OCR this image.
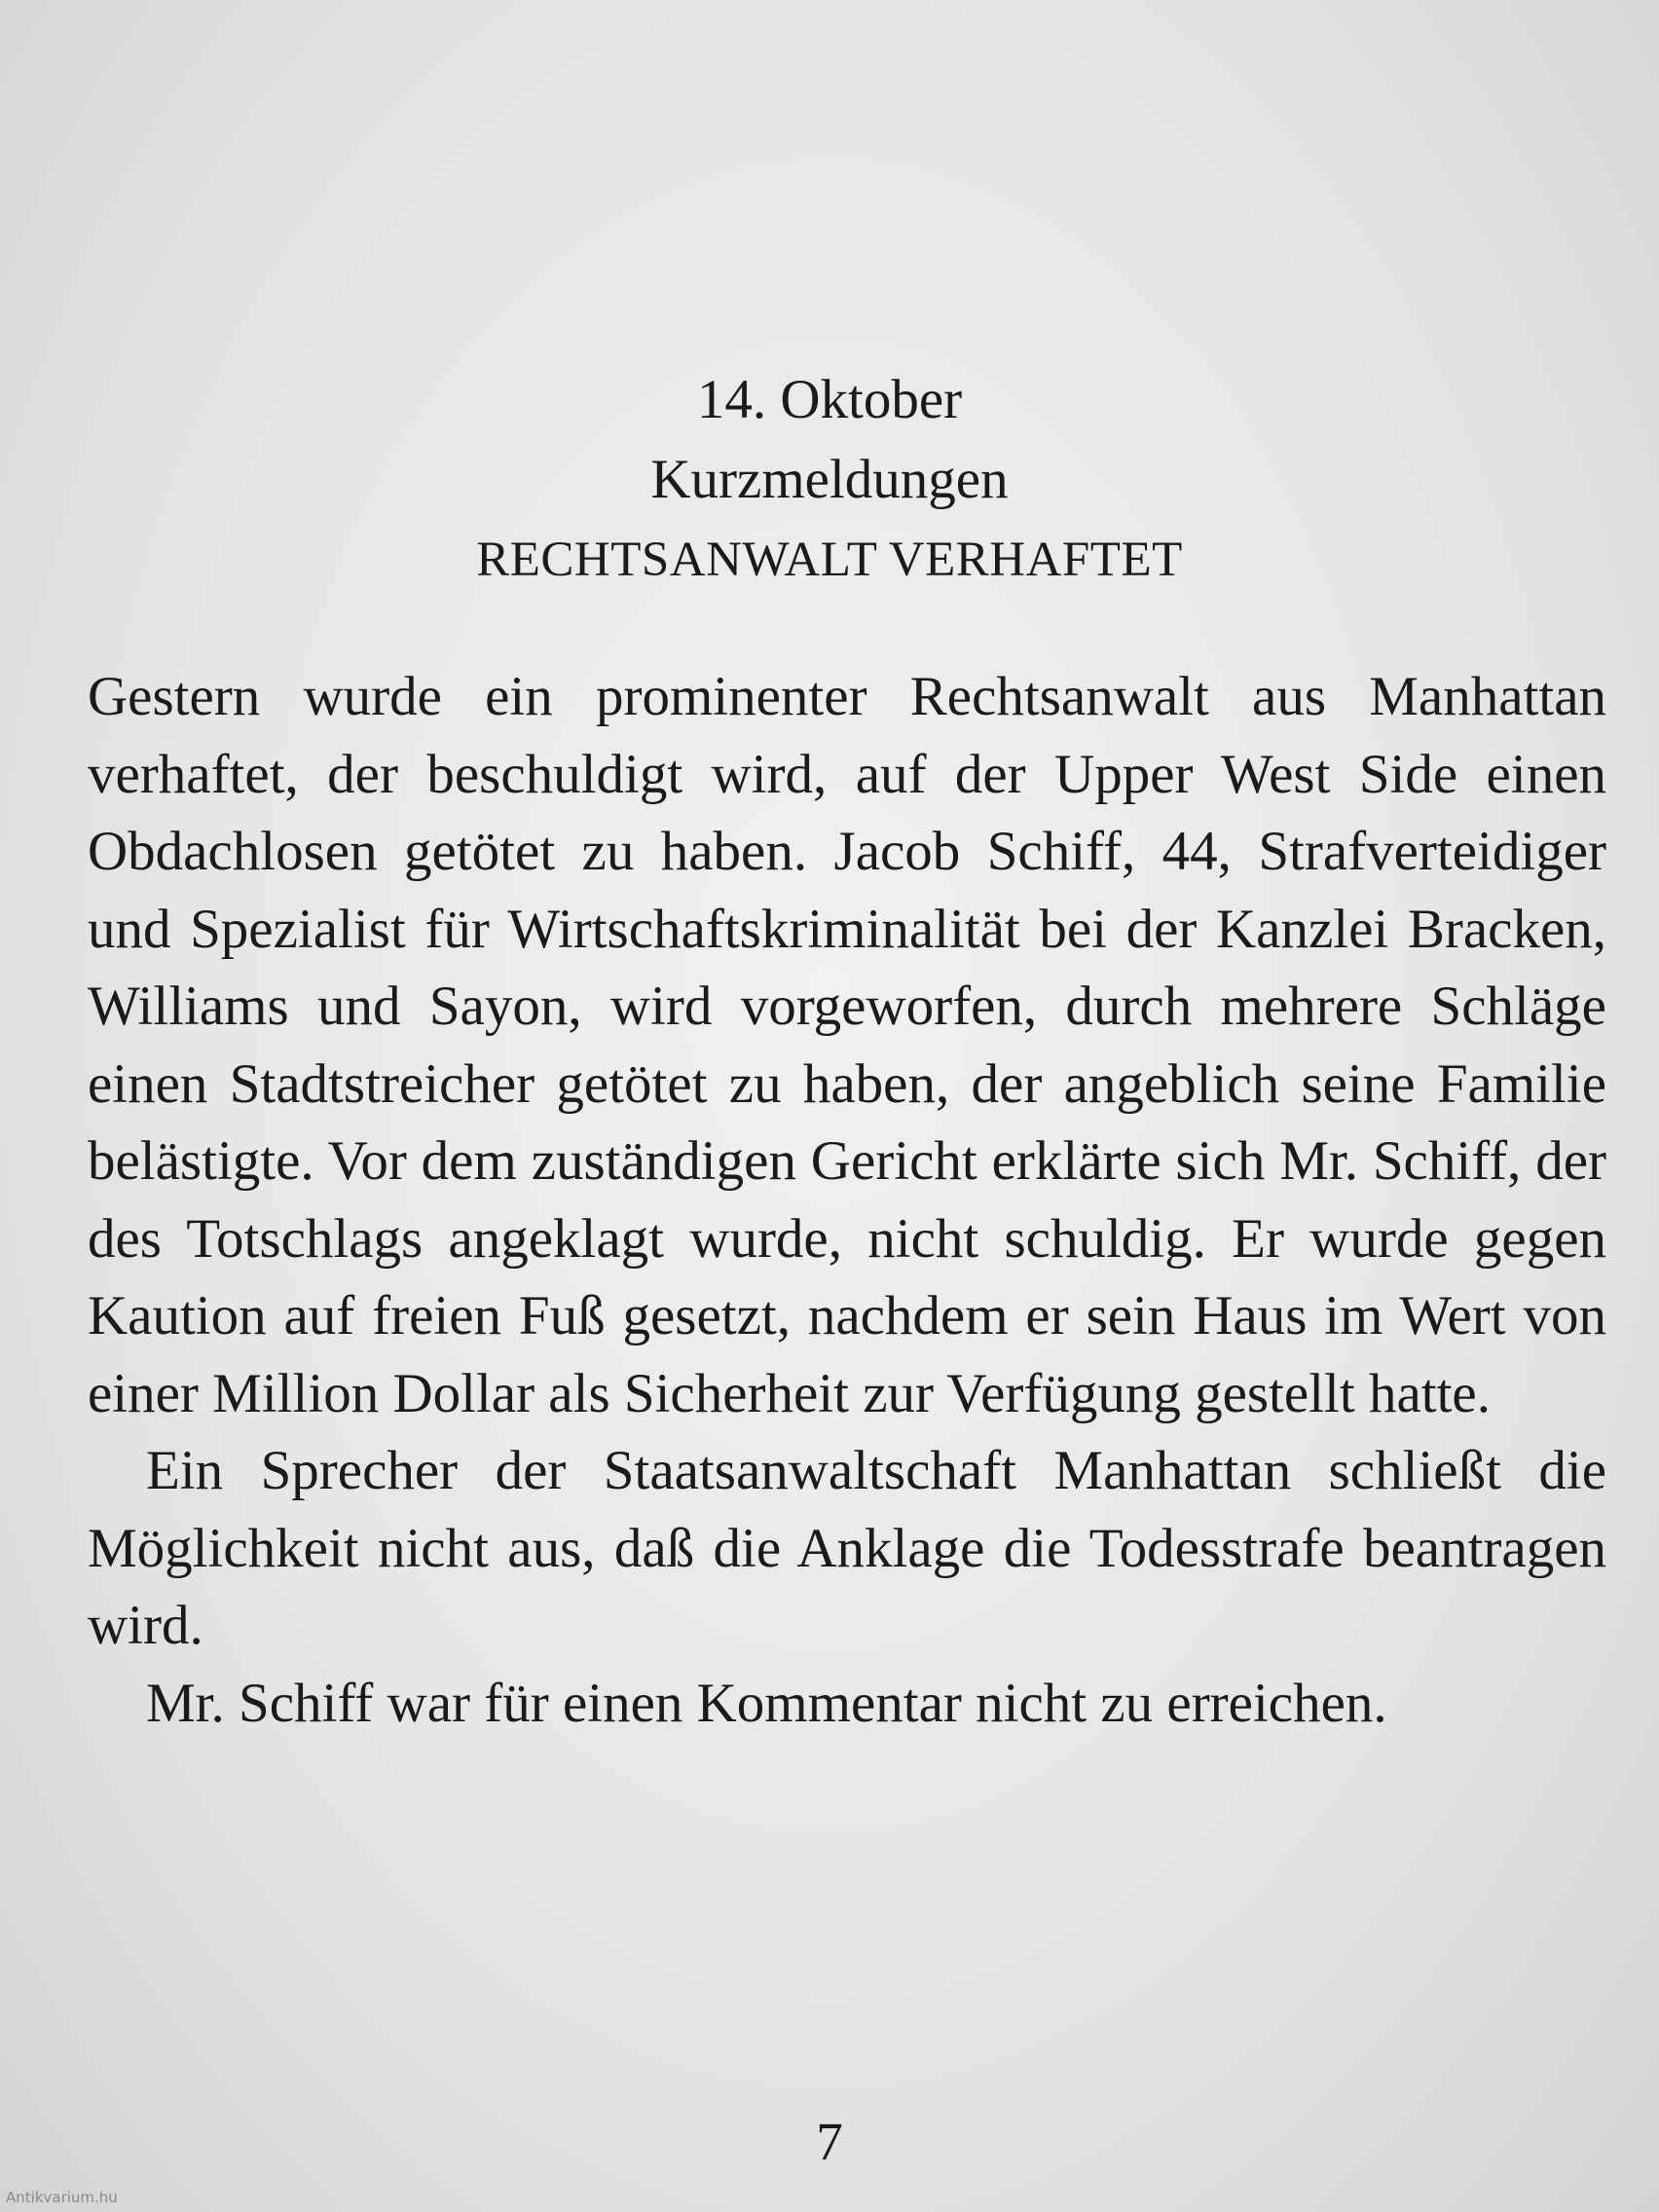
14. Oktober
Kurzmeldungen
RECHTSANWALT VERHAFTET

Gestern wurde ein prominenter Rechtsanwalt aus Manhattan verhaftet, der beschuldigt wird, auf der Upper West Side einen Obdachlosen getötet zu haben. Jacob Schiff, 44, Strafverteidiger und Spezialist für Wirtschaftskriminalität bei der Kanzlei Bracken, Williams und Sayon, wird vorgeworfen, durch mehrere Schläge einen Stadtstreicher getötet zu haben, der angeblich seine Familie belästigte. Vor dem zuständigen Gericht erklärte sich Mr. Schiff, der des Totschlags angeklagt wurde, nicht schuldig. Er wurde gegen Kaution auf freien Fuß gesetzt, nachdem er sein Haus im Wert von einer Million Dollar als Sicherheit zur Verfügung gestellt hatte.

Ein Sprecher der Staatsanwaltschaft Manhattan schließt die Möglichkeit nicht aus, daß die Anklage die Todesstrafe beantragen wird.

Mr. Schiff war für einen Kommentar nicht zu erreichen.

7
Antikvarium.hu
